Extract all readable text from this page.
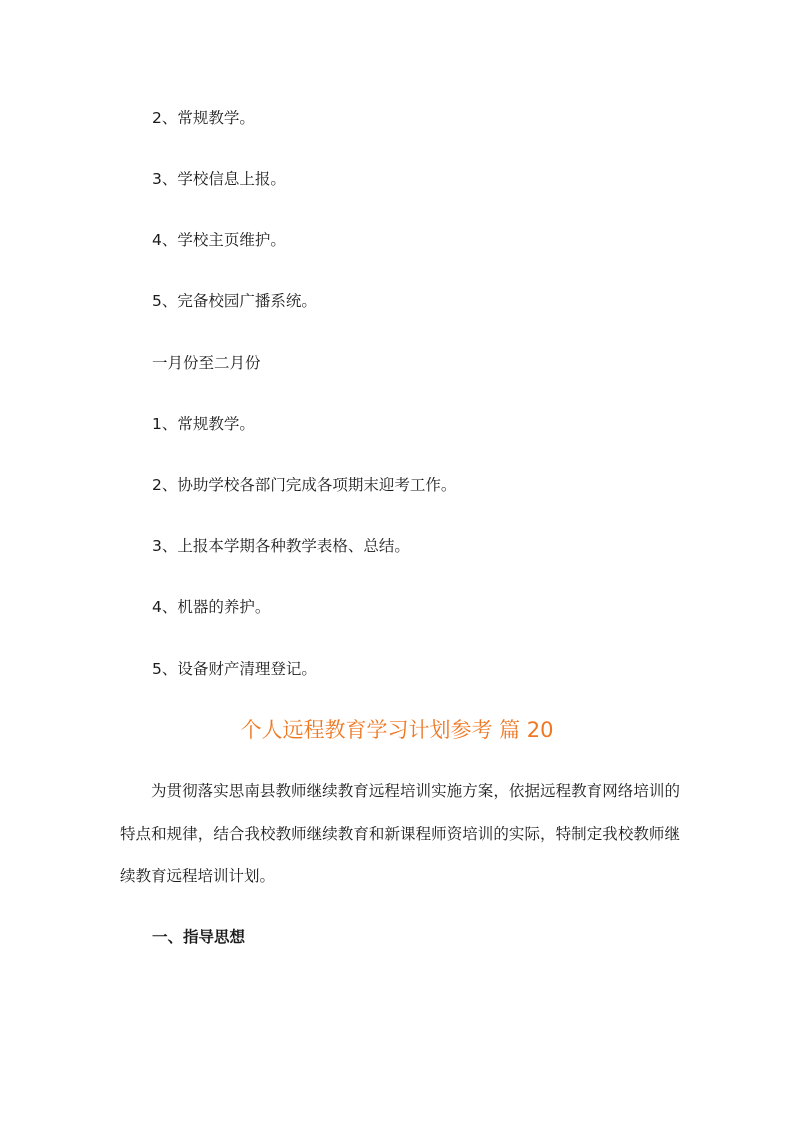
2、常规教学。
3、学校信息上报。
4、学校主页维护。
5、完备校园广播系统。
一月份至二月份
1、常规教学。
2、协助学校各部门完成各项期末迎考工作。
3、上报本学期各种教学表格、总结。
4、机器的养护。
5、设备财产清理登记。
个人远程教育学习计划参考 篇 20
为贯彻落实思南县教师继续教育远程培训实施方案，依据远程教育网络培训的特点和规律，结合我校教师继续教育和新课程师资培训的实际，特制定我校教师继续教育远程培训计划。
一、指导思想
